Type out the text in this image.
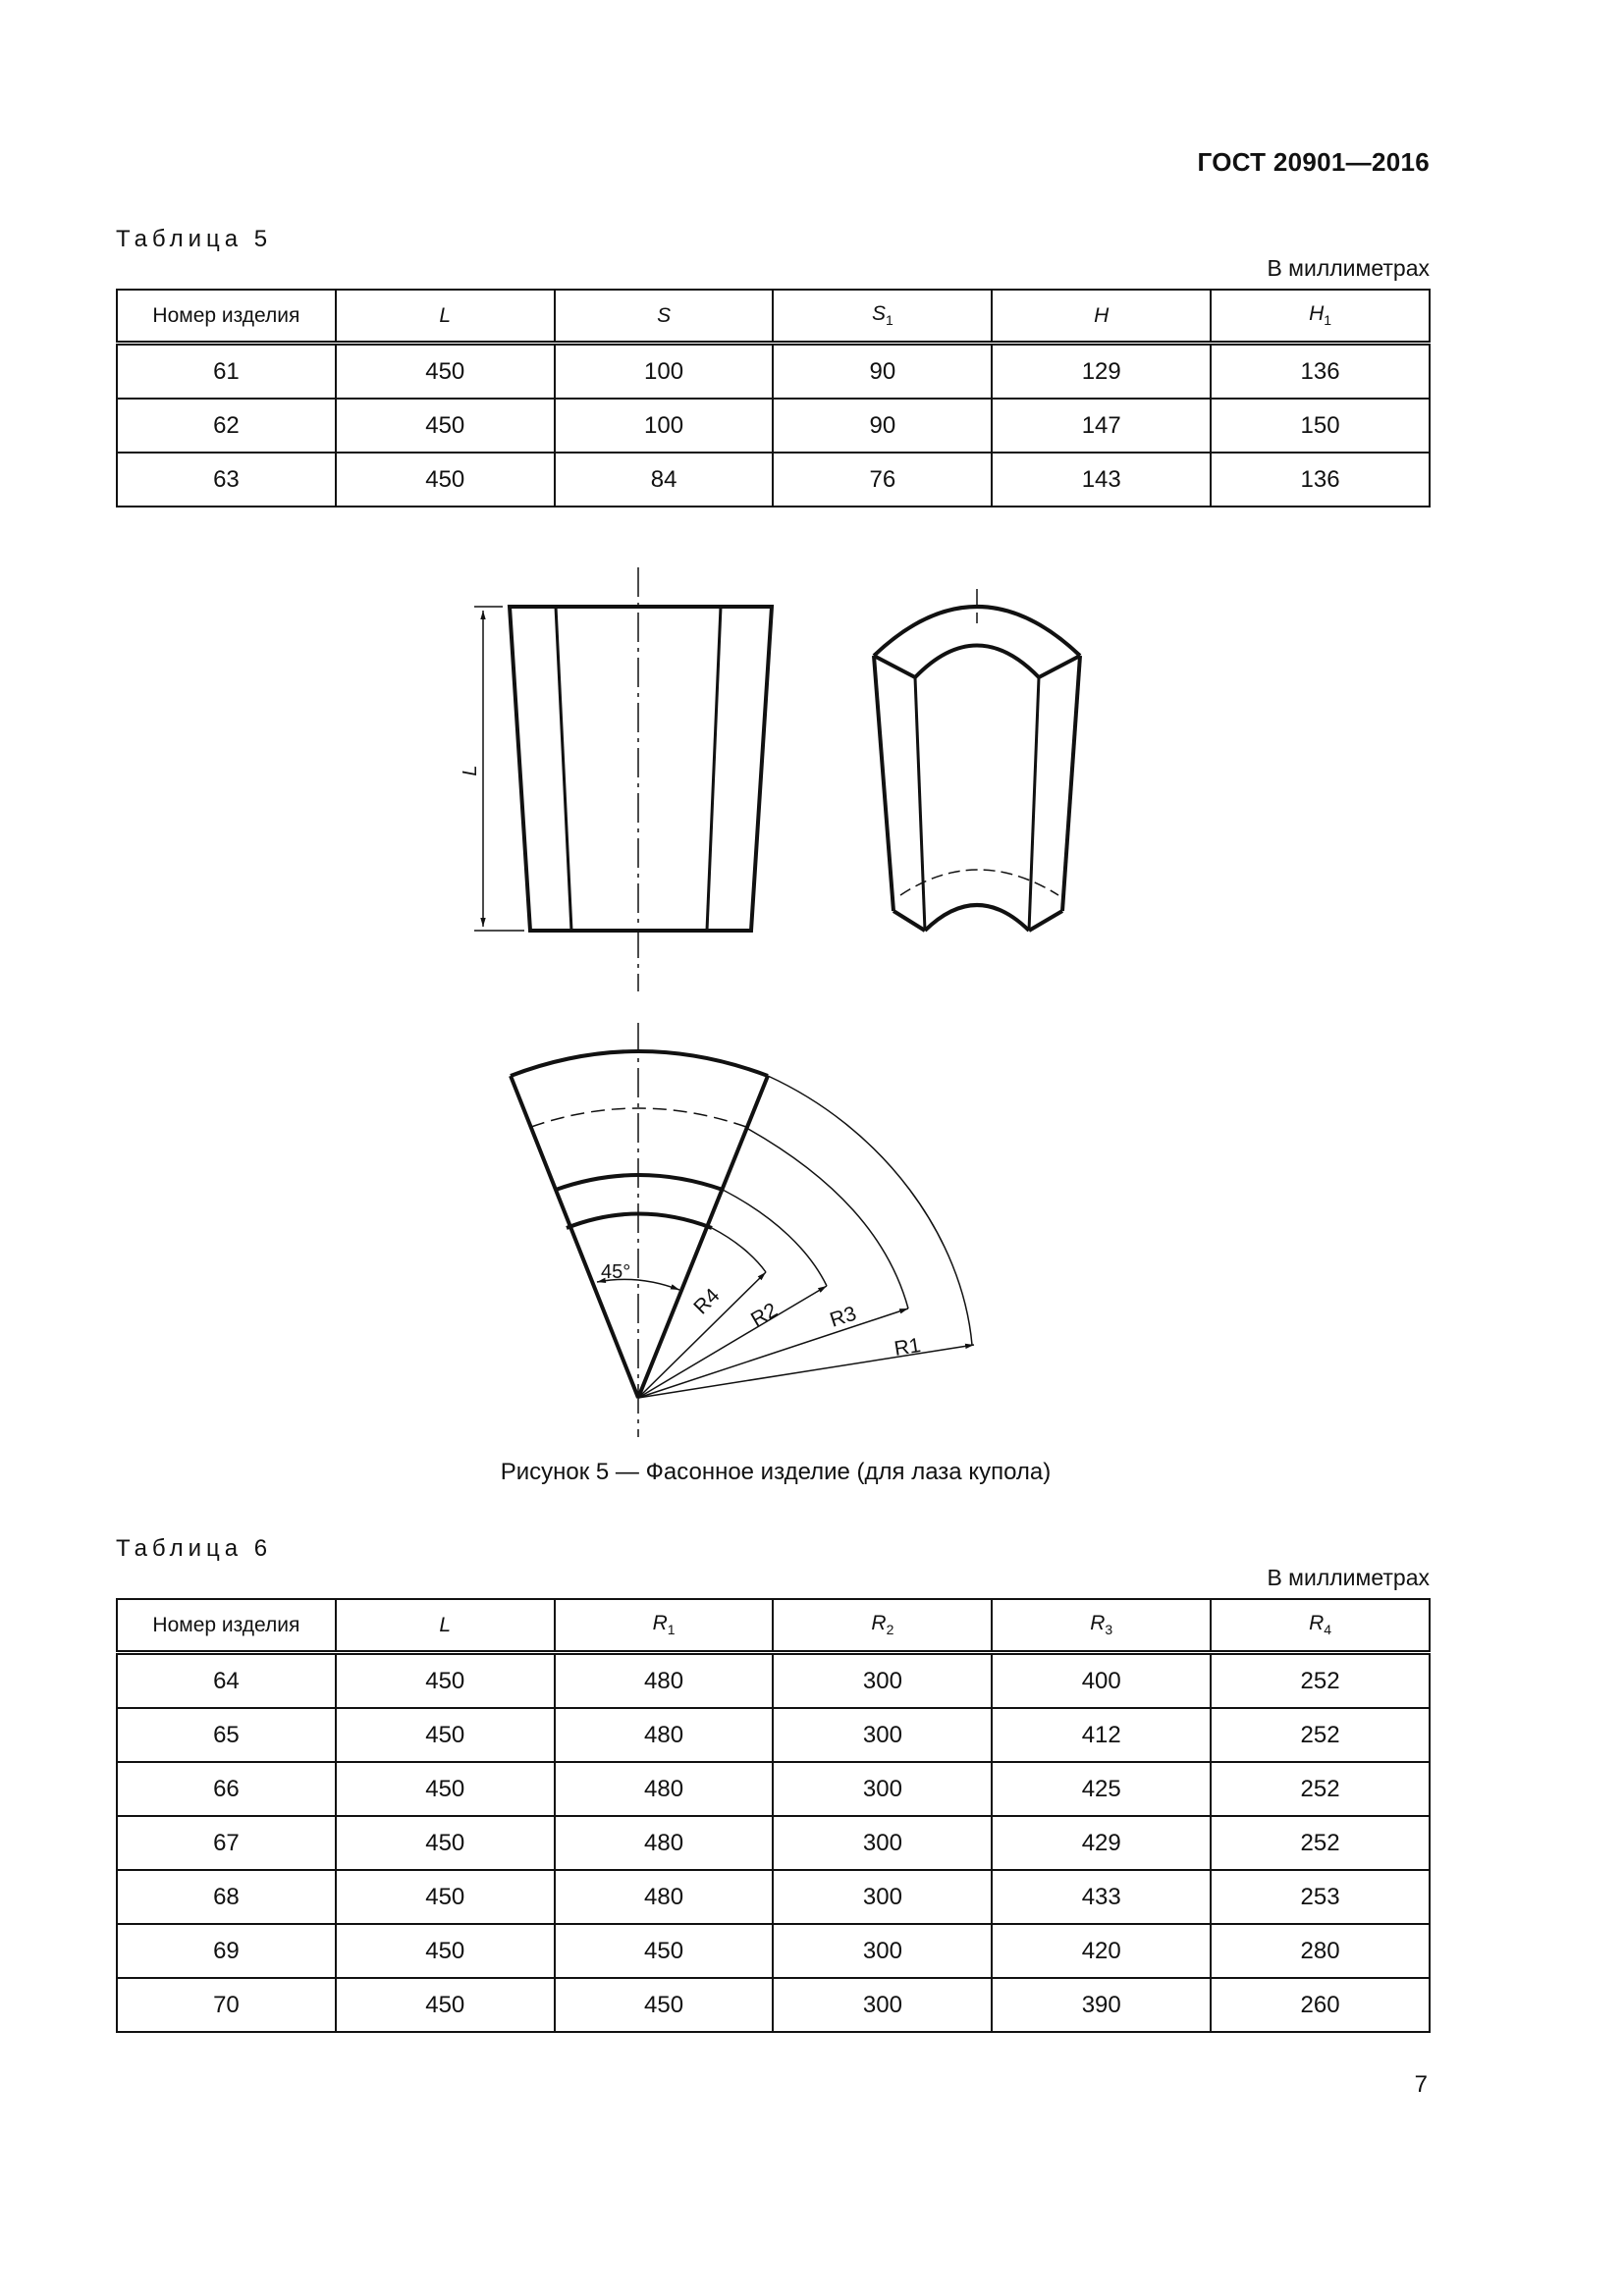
ГОСТ 20901—2016
Таблица 5
В миллиметрах
Номер изделия	L	S	$S_1$	H	$H_1$
61	450	100	90	129	136
62	450	100	90	147	150
63	450	84	76	143	136
L
45°
R4 R2 R3
R1
Рисунок 5 — Фасонное изделие (для лаза купола)
Таблица 6
В миллиметрах
Номер изделия	L	$R_1$	$R_2$	$R_3$	$R_4$
64	450	480	300	400	252
65	450	480	300	412	252
66	450	480	300	425	252
67	450	480	300	429	252
68	450	480	300	433	253
69	450	450	300	420	280
70	450	450	300	390	260
7
